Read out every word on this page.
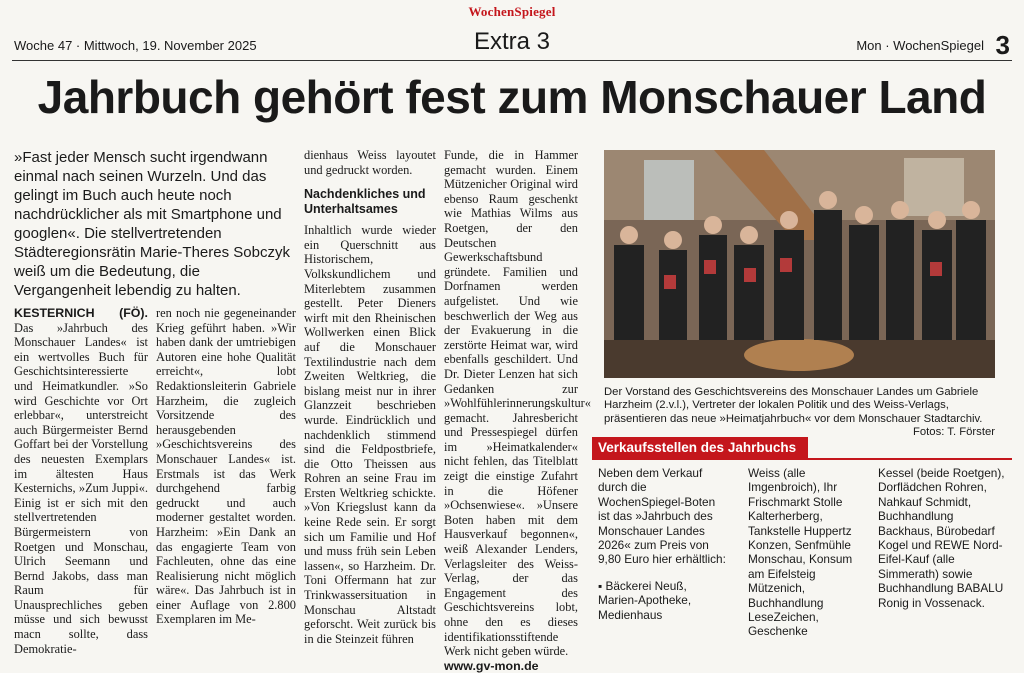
WochenSpiegel
Woche 47 · Mittwoch, 19. November 2025	Extra 3	Mon · WochenSpiegel 3
Jahrbuch gehört fest zum Monschauer Land
»Fast jeder Mensch sucht irgendwann einmal nach seinen Wurzeln. Und das gelingt im Buch auch heute noch nachdrücklicher als mit Smartphone und googlen«. Die stellvertretenden Städteregionsrätin Marie-Theres Sobczyk weiß um die Bedeutung, die Vergangenheit lebendig zu halten.
KESTERNICH (FÖ). Das »Jahrbuch des Monschauer Landes« ist ein wertvolles Buch für Geschichtsinteressierte und Heimatkundler. »So wird Geschichte vor Ort erlebbar«, unterstreicht auch Bürgermeister Bernd Goffart bei der Vorstellung des neuesten Exemplars im ältesten Haus Kesternichs, »Zum Juppi«. Einig ist er sich mit den stellvertretenden Bürgermeistern von Roetgen und Monschau, Ulrich Seemann und Bernd Jakobs, dass man Raum für Unausprechliches geben müsse und sich bewusst macn sollte, dass Demokratie-
ren noch nie gegeneinander Krieg geführt haben. »Wir haben dank der umtriebigen Autoren eine hohe Qualität erreicht«, lobt Redaktionsleiterin Gabriele Harzheim, die zugleich Vorsitzende des herausgebenden »Geschichtsvereins des Monschauer Landes« ist. Erstmals ist das Werk durchgehend farbig gedruckt und auch moderner gestaltet worden. Harzheim: »Ein Dank an das engagierte Team von Fachleuten, ohne das eine Realisierung nicht möglich wäre«. Das Jahrbuch ist in einer Auflage von 2.800 Exemplaren im Me-
dienhaus Weiss layoutet und gedruckt worden.
Nachdenkliches und Unterhaltsames
Inhaltlich wurde wieder ein Querschnitt aus Historischem, Volkskundlichem und Miterlebtem zusammen gestellt. Peter Dieners wirft mit den Rheinischen Wollwerken einen Blick auf die Monschauer Textilindustrie nach dem Zweiten Weltkrieg, die bislang meist nur in ihrer Glanzzeit beschrieben wurde. Eindrücklich und nachdenklich stimmend sind die Feldpostbriefe, die Otto Theissen aus Rohren an seine Frau im Ersten Weltkrieg schickte. »Von Kriegslust kann da keine Rede sein. Er sorgt sich um Familie und Hof und muss früh sein Leben lassen«, so Harzheim. Dr. Toni Offermann hat zur Trinkwassersituation in Monschau Altstadt geforscht. Weit zurück bis in die Steinzeit führen
Funde, die in Hammer gemacht wurden. Einem Mützenicher Original wird ebenso Raum geschenkt wie Mathias Wilms aus Roetgen, der den Deutschen Gewerkschaftsbund gründete. Familien und Dorfnamen werden aufgelistet. Und wie beschwerlich der Weg aus der Evakuerung in die zerstörte Heimat war, wird ebenfalls geschildert. Und Dr. Dieter Lenzen hat sich Gedanken zur »Wohlfühlerinnerungskultur« gemacht. Jahresbericht und Pressespiegel dürfen im »Heimatkalender« nicht fehlen, das Titelblatt zeigt die einstige Zufahrt in die Höfener »Ochsenwiese«. »Unsere Boten haben mit dem Hausverkauf begonnen«, weiß Alexander Lenders, Verlagsleiter des Weiss-Verlag, der das Engagement des Geschichtsvereins lobt, ohne den es dieses identifikationsstiftende Werk nicht geben würde.
www.gv-mon.de
Der Vorstand des Geschichtsvereins des Monschauer Landes um Gabriele Harzheim (2.v.l.), Vertreter der lokalen Politik und des Weiss-Verlags, präsentieren das neue »Heimatjahrbuch« vor dem Monschauer Stadtarchiv.
Fotos: T. Förster
Verkaufsstellen des Jahrbuchs
Neben dem Verkauf durch die WochenSpiegel-Boten ist das »Jahrbuch des Monschauer Landes 2026« zum Preis von 9,80 Euro hier erhältlich:
▪ Bäckerei Neuß, Marien-Apotheke, Medienhaus
Weiss (alle Imgenbroich), Ihr Frischmarkt Stolle Kalterherberg, Tankstelle Huppertz Konzen, Senfmühle Monschau, Konsum am Eifelsteig Mützenich, Buchhandlung LeseZeichen, Geschenke
Kessel (beide Roetgen), Dorflädchen Rohren, Nahkauf Schmidt, Buchhandlung Backhaus, Bürobedarf Kogel und REWE Nord-Eifel-Kauf (alle Simmerath) sowie Buchhandlung BABALU Ronig in Vossenack.
